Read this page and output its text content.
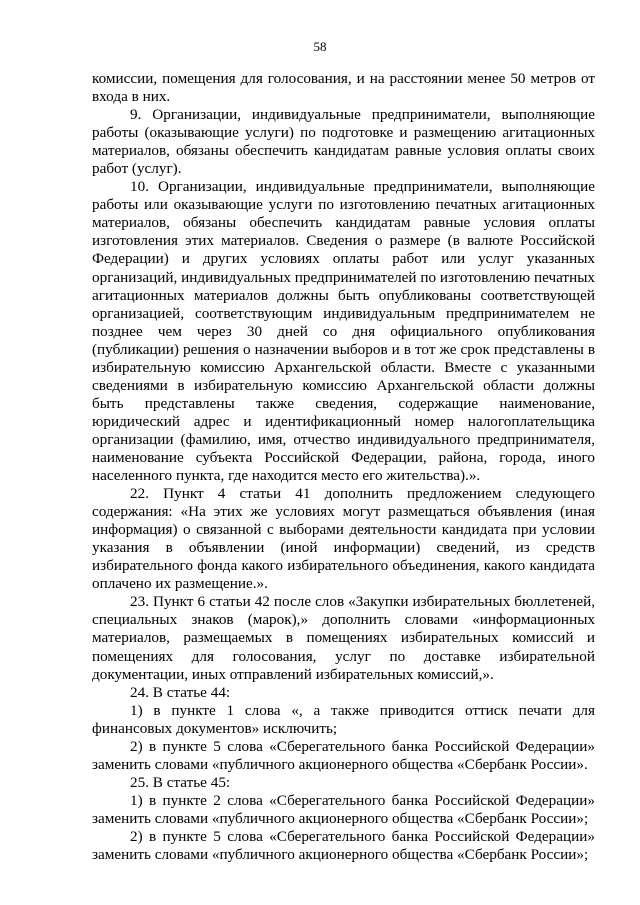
58

комиссии, помещения для голосования, и на расстоянии менее 50 метров от входа в них.

9. Организации, индивидуальные предприниматели, выполняющие работы (оказывающие услуги) по подготовке и размещению агитационных материалов, обязаны обеспечить кандидатам равные условия оплаты своих работ (услуг).

10. Организации, индивидуальные предприниматели, выполняющие работы или оказывающие услуги по изготовлению печатных агитационных материалов, обязаны обеспечить кандидатам равные условия оплаты изготовления этих материалов. Сведения о размере (в валюте Российской Федерации) и других условиях оплаты работ или услуг указанных организаций, индивидуальных предпринимателей по изготовлению печатных агитационных материалов должны быть опубликованы соответствующей организацией, соответствующим индивидуальным предпринимателем не позднее чем через 30 дней со дня официального опубликования (публикации) решения о назначении выборов и в тот же срок представлены в избирательную комиссию Архангельской области. Вместе с указанными сведениями в избирательную комиссию Архангельской области должны быть представлены также сведения, содержащие наименование, юридический адрес и идентификационный номер налогоплательщика организации (фамилию, имя, отчество индивидуального предпринимателя, наименование субъекта Российской Федерации, района, города, иного населенного пункта, где находится место его жительства).».

22. Пункт 4 статьи 41 дополнить предложением следующего содержания: «На этих же условиях могут размещаться объявления (иная информация) о связанной с выборами деятельности кандидата при условии указания в объявлении (иной информации) сведений, из средств избирательного фонда какого избирательного объединения, какого кандидата оплачено их размещение.».

23. Пункт 6 статьи 42 после слов «Закупки избирательных бюллетеней, специальных знаков (марок),» дополнить словами «информационных материалов, размещаемых в помещениях избирательных комиссий и помещениях для голосования, услуг по доставке избирательной документации, иных отправлений избирательных комиссий,».

24. В статье 44:

1) в пункте 1 слова «, а также приводится оттиск печати для финансовых документов» исключить;

2) в пункте 5 слова «Сберегательного банка Российской Федерации» заменить словами «публичного акционерного общества «Сбербанк России».

25. В статье 45:

1) в пункте 2 слова «Сберегательного банка Российской Федерации» заменить словами «публичного акционерного общества «Сбербанк России»;

2) в пункте 5 слова «Сберегательного банка Российской Федерации» заменить словами «публичного акционерного общества «Сбербанк России»;
